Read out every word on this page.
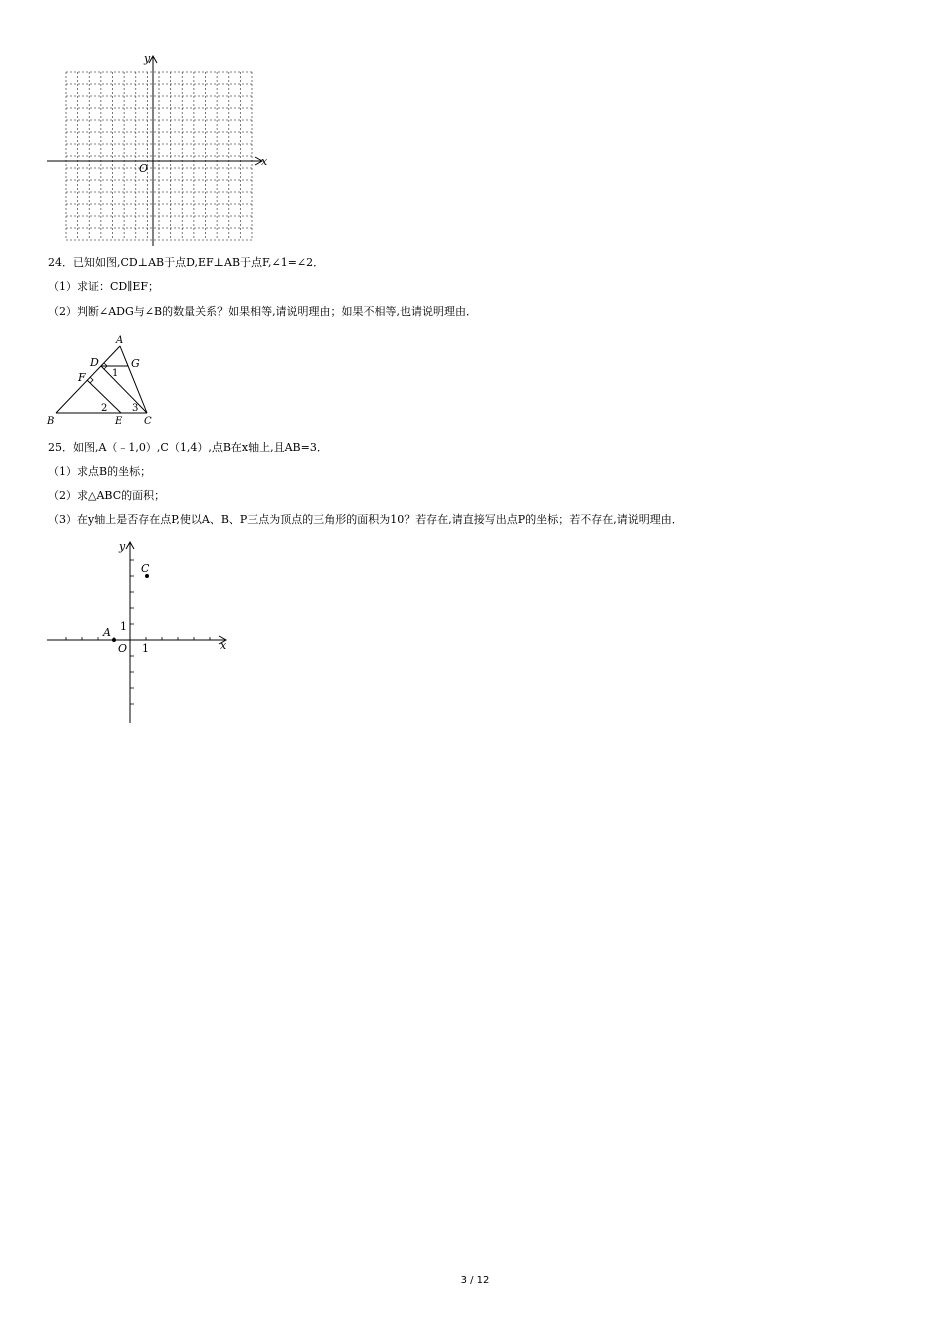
x
y
O
24．已知如图,CD⊥AB于点D,EF⊥AB于点F,∠1=∠2．
（1）求证：CD∥EF；
（2）判断∠ADG与∠B的数量关系？如果相等,请说明理由；如果不相等,也请说明理由．
A
D	G
F
B	E C
1
2 3
25．如图,A（﹣1,0）,C（1,4）,点B在x轴上,且AB=3．
（1）求点B的坐标；
（2）求△ABC的面积；
（3）在y轴上是否存在点P,使以A、B、P三点为顶点的三角形的面积为10？若存在,请直接写出点P的坐标；若不存在,请说明理由．
x
y
O 1
1
A
C
3 / 12
